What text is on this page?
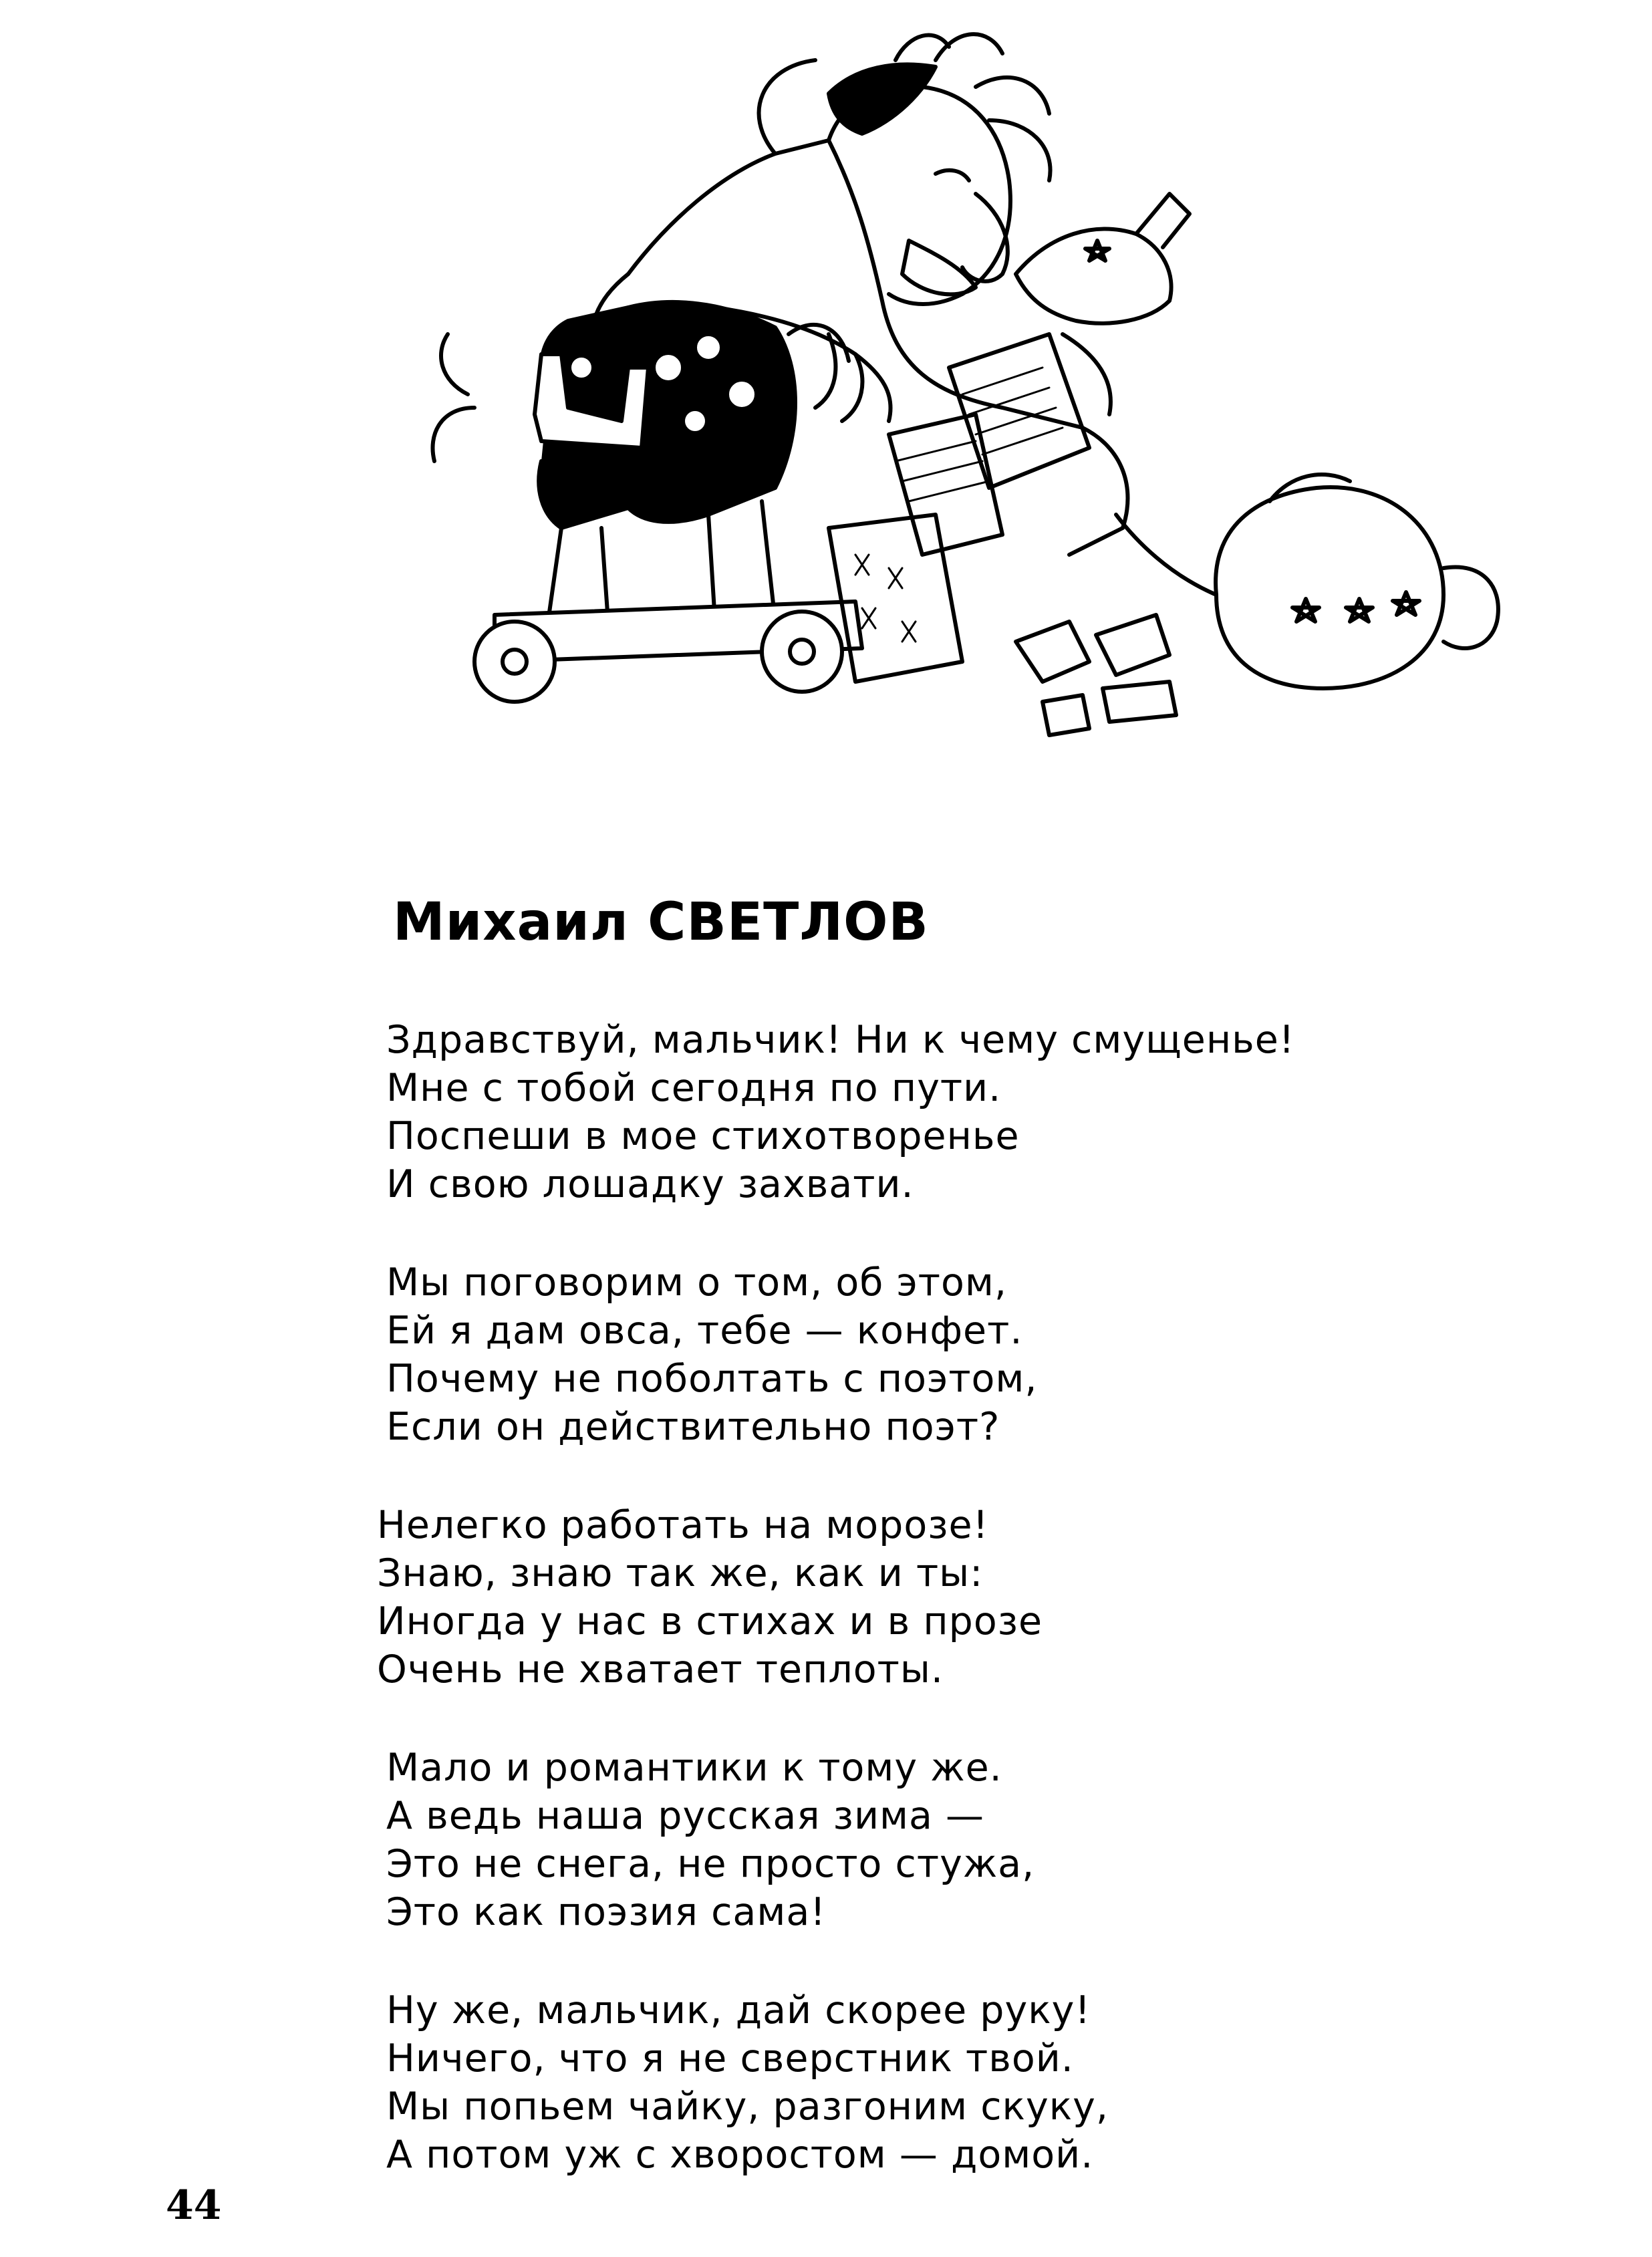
Михаил СВЕТЛОВ
Здравствуй, мальчик! Ни к чему смущенье!
Мне с тобой сегодня по пути.
Поспеши в мое стихотворенье
И свою лошадку захвати.
Мы поговорим о том, об этом,
Ей я дам овса, тебе — конфет.
Почему не поболтать с поэтом,
Если он действительно поэт?
Нелегко работать на морозе!
Знаю, знаю так же, как и ты:
Иногда у нас в стихах и в прозе
Очень не хватает теплоты.
Мало и романтики к тому же.
А ведь наша русская зима —
Это не снега, не просто стужа,
Это как поэзия сама!
Ну же, мальчик, дай скорее руку!
Ничего, что я не сверстник твой.
Мы попьем чайку, разгоним скуку,
А потом уж с хворостом — домой.
44
